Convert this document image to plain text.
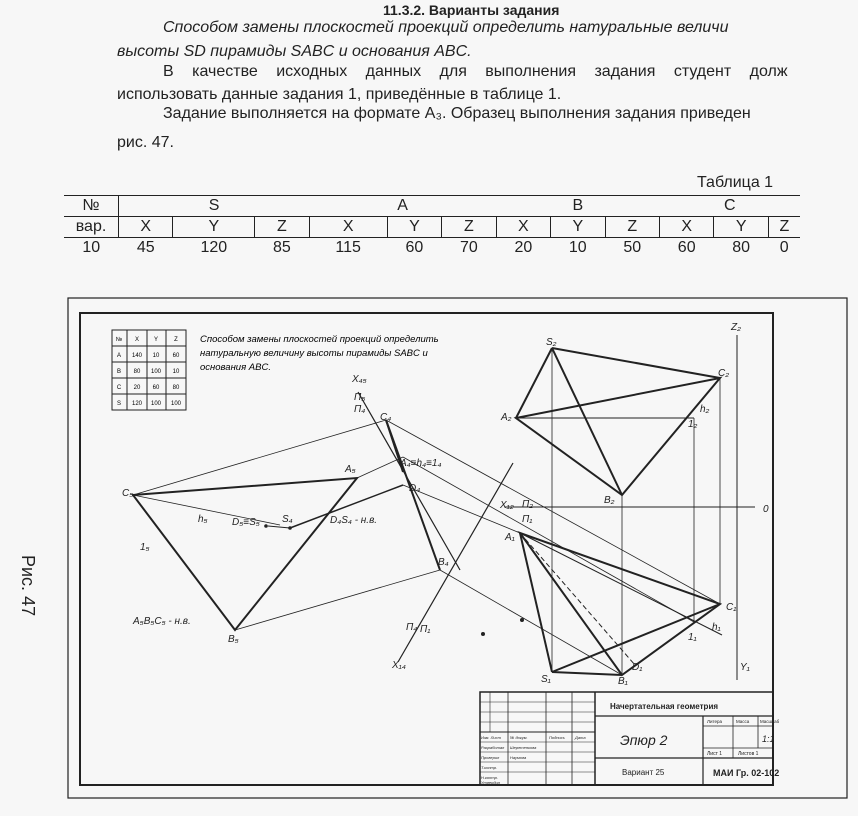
11.3.2. Варианты задания
Способом замены плоскостей проекций определить натуральные величи
высоты SD пирамиды SABC и основания ABC.
В качестве исходных данных для выполнения задания студент долж
использовать данные задания 1, приведённые в таблице 1.
Задание выполняется на формате А₃. Образец выполнения задания приведен
рис. 47.
Таблица 1
№	S			A			B			C		
вар.	X	Y	Z	X	Y	Z	X	Y	Z	X	Y	Z
10	45	120	85	115	60	70	20	10	50	60	80	0
Рис. 47
№ X Y	Z
A 140 10 60
B 80 100 10
C 20 60 80
S 120 100 100
Способом замены плоскостей проекций определить
натуральную величину высоты пирамиды SABC и
основания ABC.
S₂
C₂
A₂
B₂
h₂
1₂
Z₂
0
Y₁
X₁₂ П₂
П₁
A₁
C₁
h₁
1₁
S₁	B₁
D₁
X₄₅
П₅
П₄
C₄
A₄≡h₄≡1₄
D₄
B₄
X₁₄
П₄ П₁
A₅
C₅
h₅
1₅
B₅
D₅≡S₅ S₄	D₄S₄ - н.в.
A₅B₅C₅ - н.в.
Начертательная геометрия
Эпюр 2
Вариант 25	МАИ Гр. 02-102
1:1
Литера	Масса Масштаб
Лист 1	Листов 1
Изм. Лист
Разработал
Проверил
Т.контр.
Н.контр.
Утвердил
№ докум.
Шеретенкова
Наумова
Подпись	Дата
